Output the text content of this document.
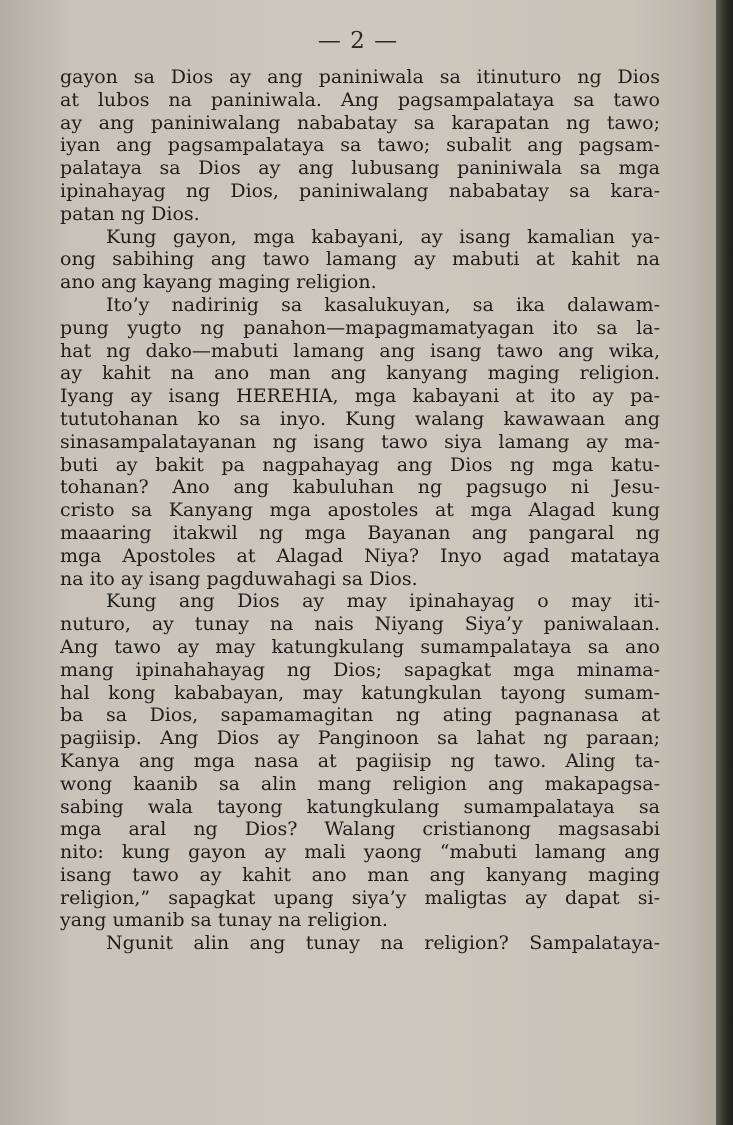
— 2 —
gayon sa Dios ay ang paniniwala sa itinuturo ng Dios
at lubos na paniniwala. Ang pagsampalataya sa tawo
ay ang paniniwalang nababatay sa karapatan ng tawo;
iyan ang pagsampalataya sa tawo; subalit ang pagsam-
palataya sa Dios ay ang lubusang paniniwala sa mga
ipinahayag ng Dios, paniniwalang nababatay sa kara-
patan ng Dios.
Kung gayon, mga kabayani, ay isang kamalian ya-
ong sabihing ang tawo lamang ay mabuti at kahit na
ano ang kayang maging religion.
Ito’y nadirinig sa kasalukuyan, sa ika dalawam-
pung yugto ng panahon—mapagmamatyagan ito sa la-
hat ng dako—mabuti lamang ang isang tawo ang wika,
ay kahit na ano man ang kanyang maging religion.
Iyang ay isang HEREHIA, mga kabayani at ito ay pa-
tututohanan ko sa inyo. Kung walang kawawaan ang
sinasampalatayanan ng isang tawo siya lamang ay ma-
buti ay bakit pa nagpahayag ang Dios ng mga katu-
tohanan? Ano ang kabuluhan ng pagsugo ni Jesu-
cristo sa Kanyang mga apostoles at mga Alagad kung
maaaring itakwil ng mga Bayanan ang pangaral ng
mga Apostoles at Alagad Niya? Inyo agad matataya
na ito ay isang pagduwahagi sa Dios.
Kung ang Dios ay may ipinahayag o may iti-
nuturo, ay tunay na nais Niyang Siya’y paniwalaan.
Ang tawo ay may katungkulang sumampalataya sa ano
mang ipinahahayag ng Dios; sapagkat mga minama-
hal kong kababayan, may katungkulan tayong sumam-
ba sa Dios, sapamamagitan ng ating pagnanasa at
pagiisip. Ang Dios ay Panginoon sa lahat ng paraan;
Kanya ang mga nasa at pagiisip ng tawo. Aling ta-
wong kaanib sa alin mang religion ang makapagsa-
sabing wala tayong katungkulang sumampalataya sa
mga aral ng Dios? Walang cristianong magsasabi
nito: kung gayon ay mali yaong “mabuti lamang ang
isang tawo ay kahit ano man ang kanyang maging
religion,” sapagkat upang siya’y maligtas ay dapat si-
yang umanib sa tunay na religion.
Ngunit alin ang tunay na religion? Sampalataya-
